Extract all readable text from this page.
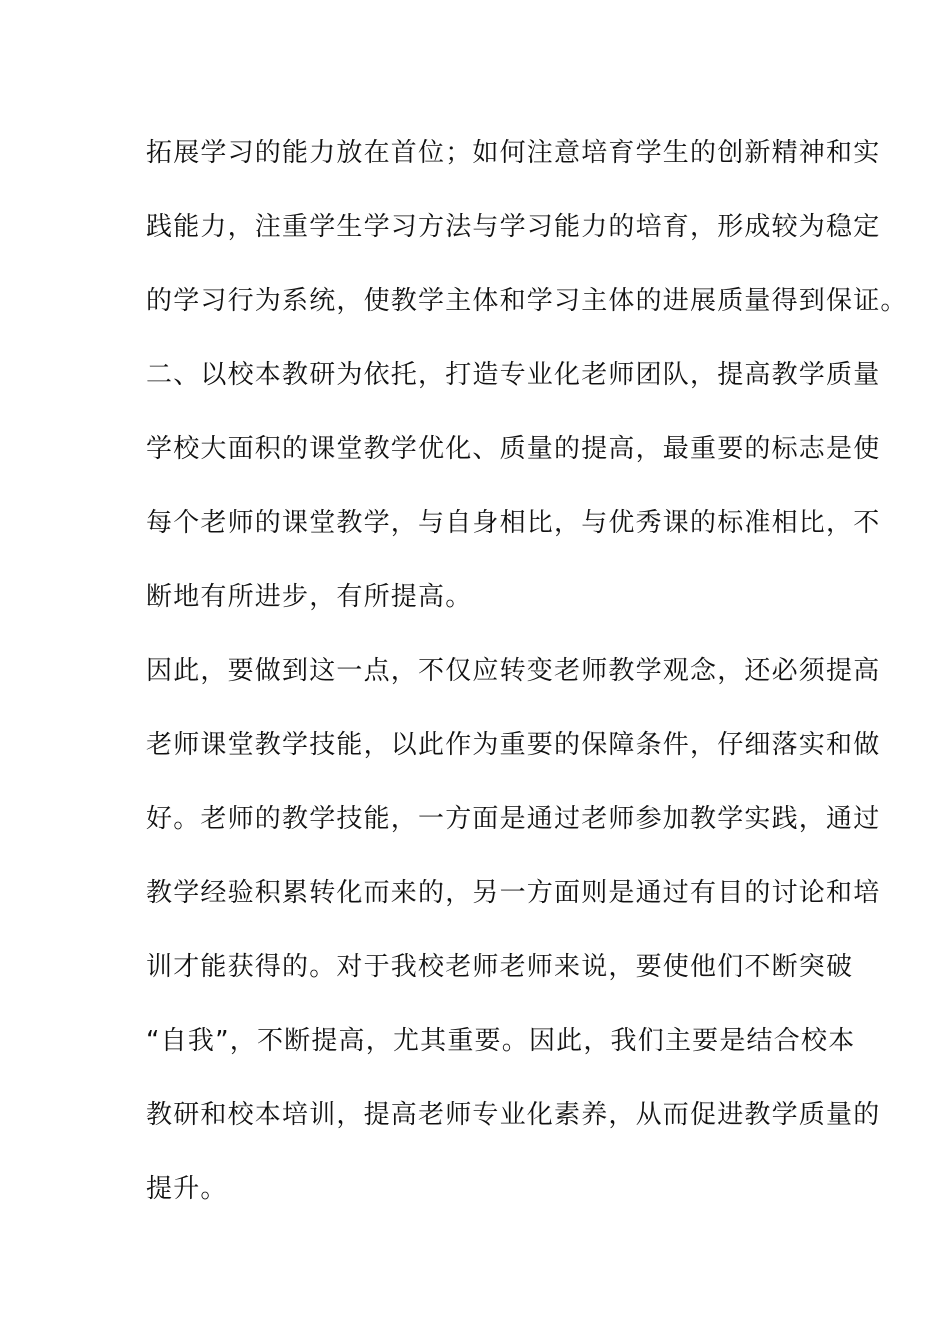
拓展学习的能力放在首位；如何注意培育学生的创新精神和实
践能力，注重学生学习方法与学习能力的培育，形成较为稳定
的学习行为系统，使教学主体和学习主体的进展质量得到保证。
二、以校本教研为依托，打造专业化老师团队，提高教学质量
学校大面积的课堂教学优化、质量的提高，最重要的标志是使
每个老师的课堂教学，与自身相比，与优秀课的标准相比，不
断地有所进步，有所提高。
因此，要做到这一点，不仅应转变老师教学观念，还必须提高
老师课堂教学技能，以此作为重要的保障条件，仔细落实和做
好。老师的教学技能，一方面是通过老师参加教学实践，通过
教学经验积累转化而来的，另一方面则是通过有目的讨论和培
训才能获得的。对于我校老师老师来说，要使他们不断突破
“自我”，不断提高，尤其重要。因此，我们主要是结合校本
教研和校本培训，提高老师专业化素养，从而促进教学质量的
提升。
